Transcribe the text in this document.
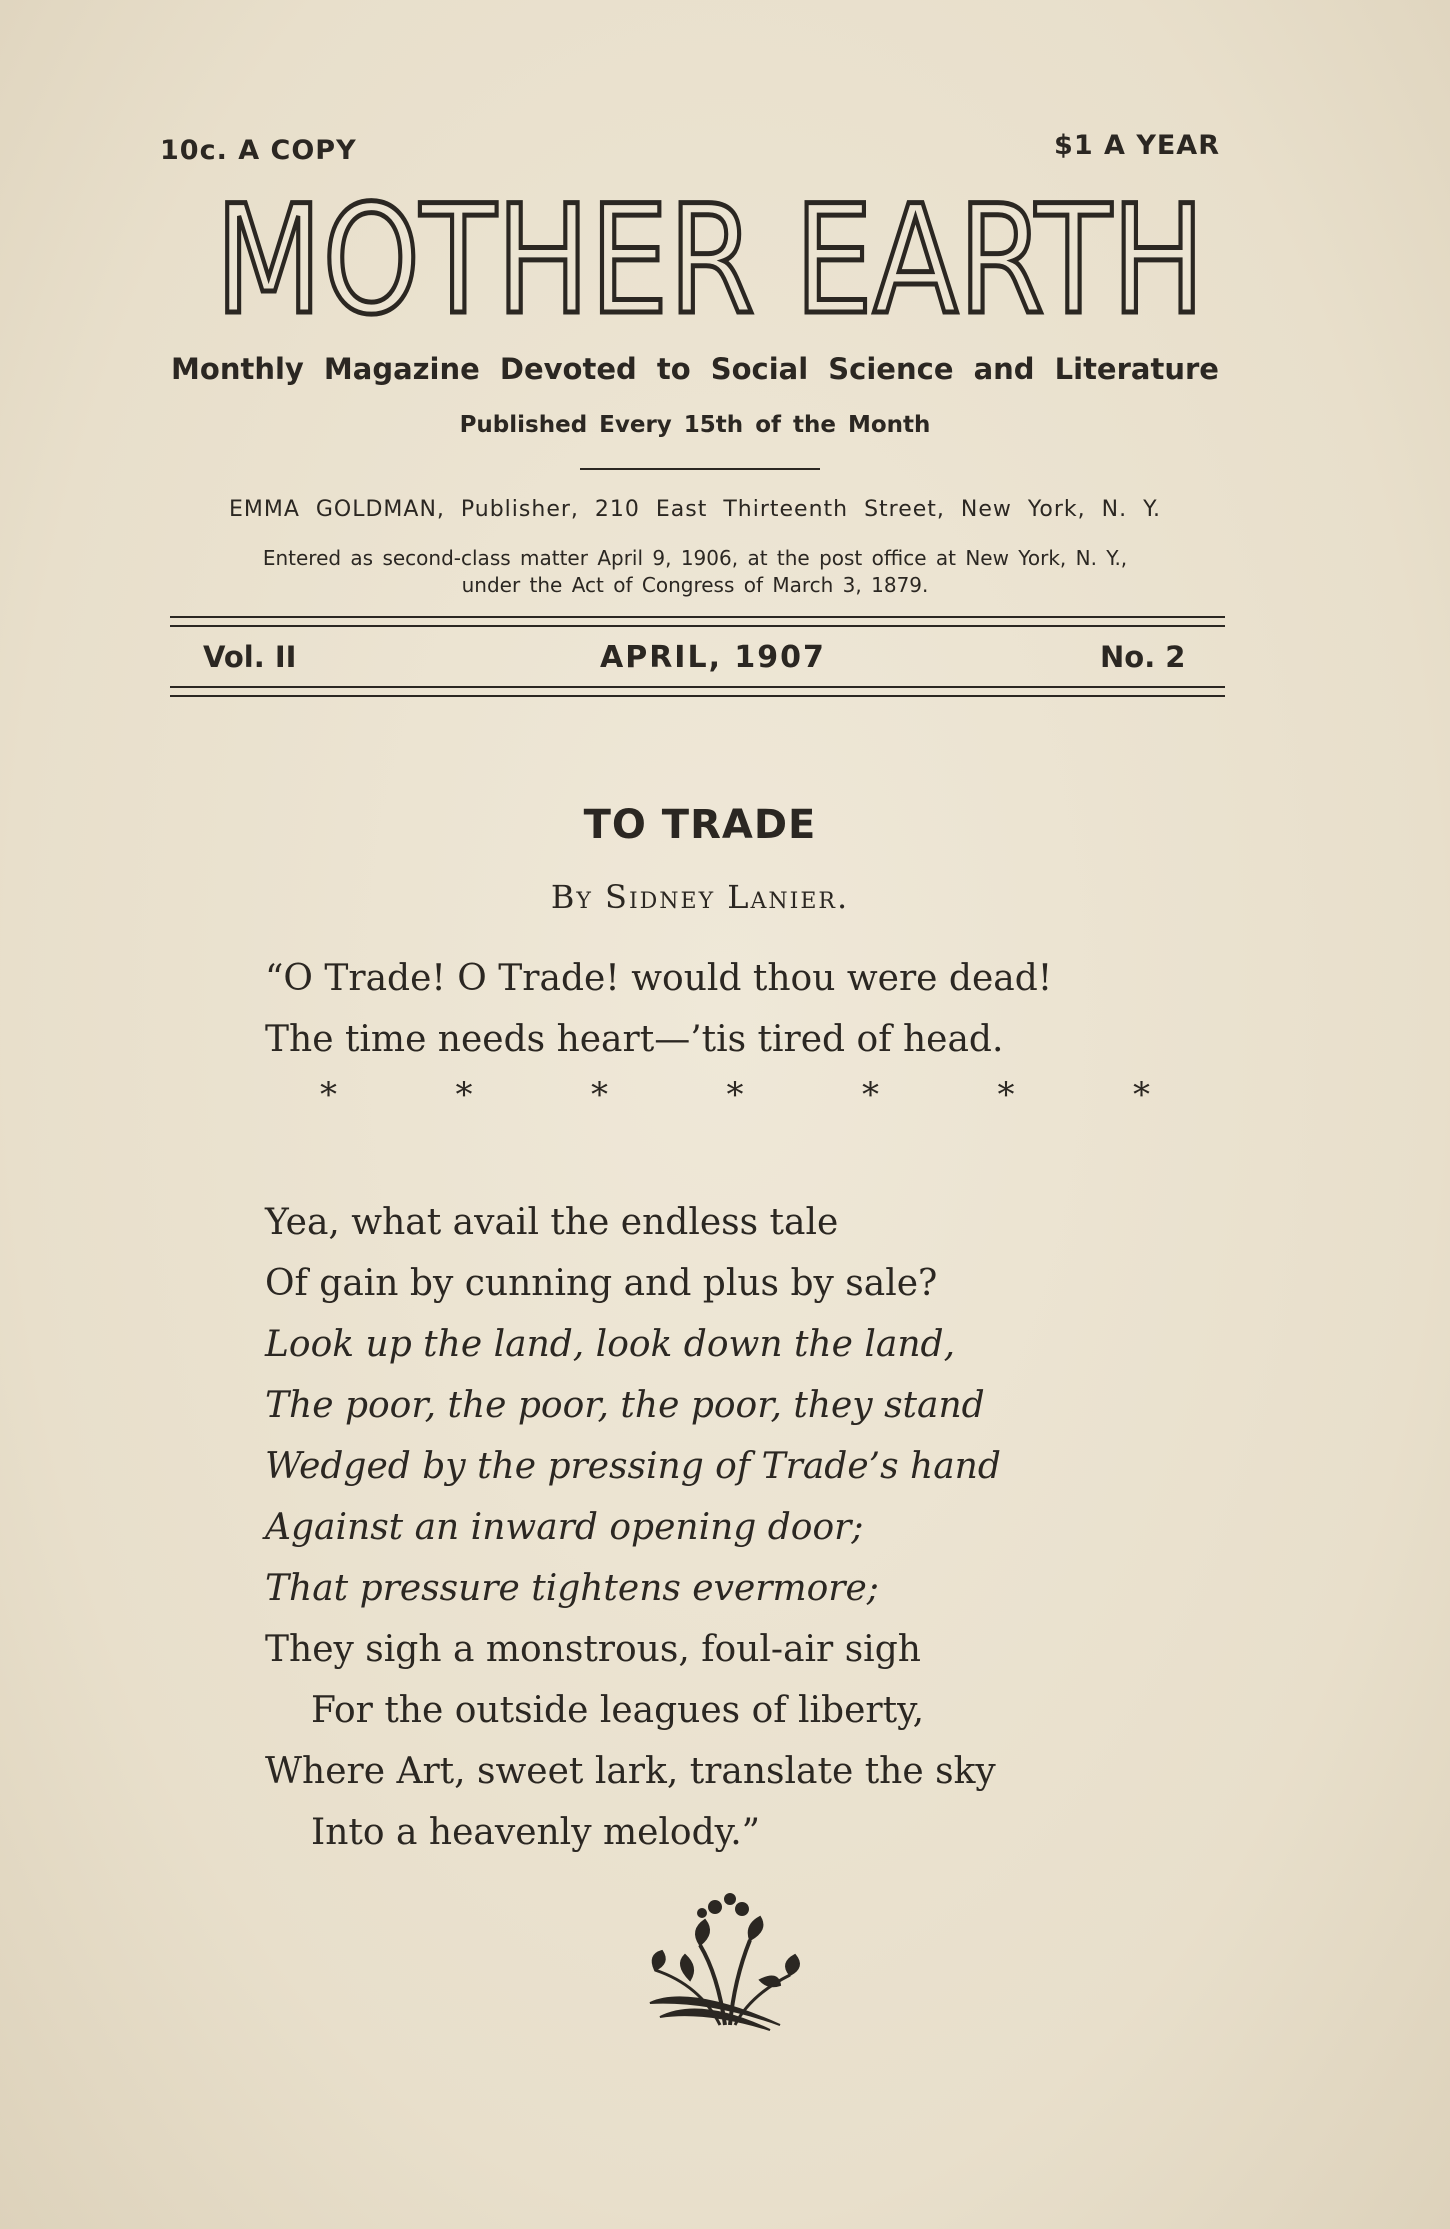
10c. A COPY	$1 A YEAR
MOTHER EARTH
Monthly Magazine Devoted to Social Science and Literature
Published Every 15th of the Month
EMMA GOLDMAN, Publisher, 210 East Thirteenth Street, New York, N. Y.
Entered as second-class matter April 9, 1906, at the post office at New York, N. Y.,
under the Act of Congress of March 3, 1879.
Vol. II	APRIL, 1907	No. 2
TO TRADE
By Sidney Lanier.
“O Trade! O Trade! would thou were dead!
The time needs heart—’tis tired of head.
Yea, what avail the endless tale
Of gain by cunning and plus by sale?
Look up the land, look down the land,
The poor, the poor, the poor, they stand
Wedged by the pressing of Trade’s hand
Against an inward opening door;
That pressure tightens evermore;
They sigh a monstrous, foul-air sigh
For the outside leagues of liberty,
Where Art, sweet lark, translate the sky
Into a heavenly melody.”
*	*	*	*	*	*	*
